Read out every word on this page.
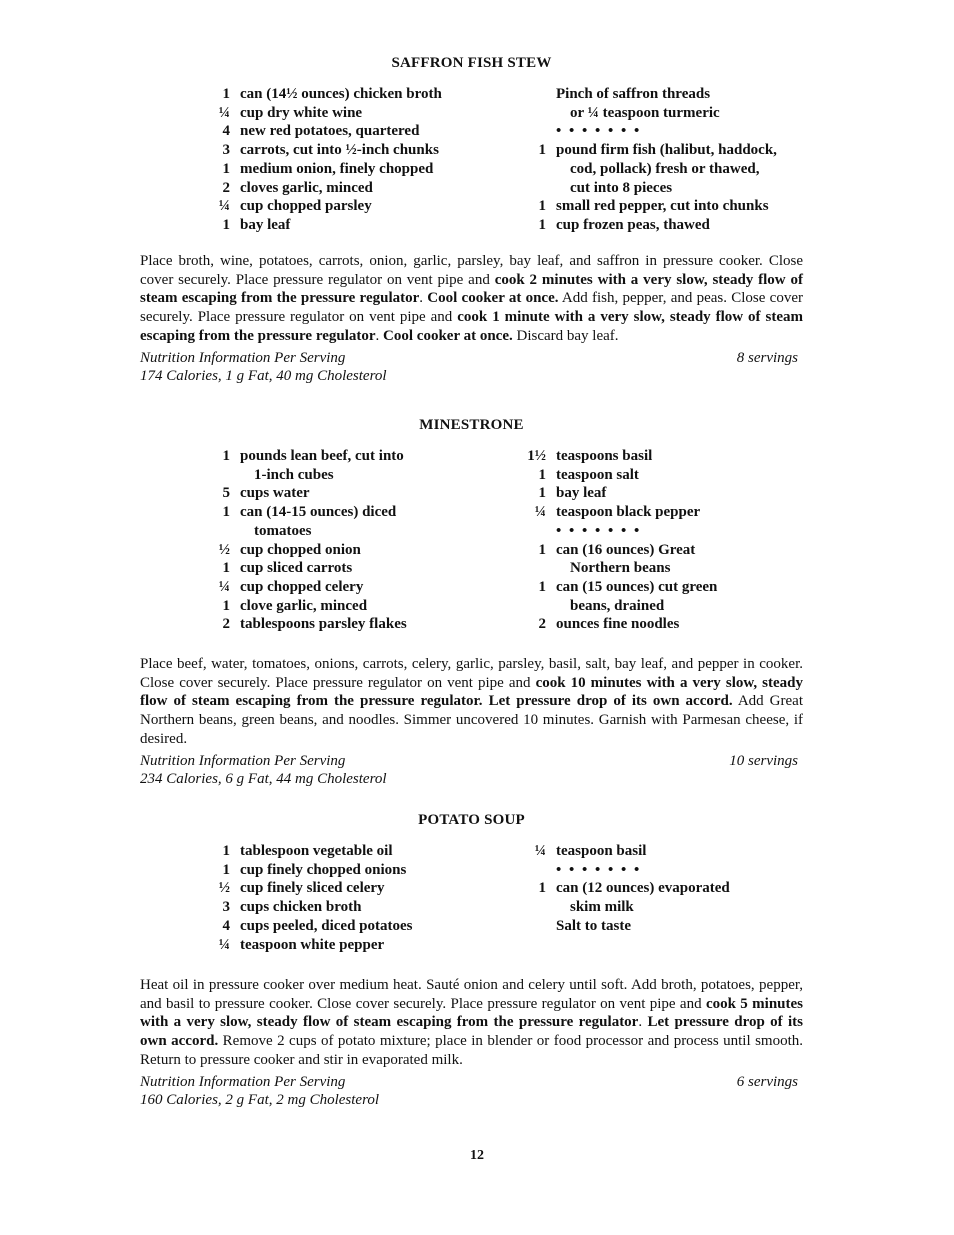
SAFFRON FISH STEW
1 can (14½ ounces) chicken broth
¼ cup dry white wine
4 new red potatoes, quartered
3 carrots, cut into ½-inch chunks
1 medium onion, finely chopped
2 cloves garlic, minced
¼ cup chopped parsley
1 bay leaf
Pinch of saffron threads
or ¼ teaspoon turmeric
• • • • • • •
1 pound firm fish (halibut, haddock,
cod, pollack) fresh or thawed,
cut into 8 pieces
1 small red pepper, cut into chunks
1 cup frozen peas, thawed

Place broth, wine, potatoes, carrots, onion, garlic, parsley, bay leaf, and saffron in pressure cooker. Close cover securely. Place pressure regulator on vent pipe and cook 2 minutes with a very slow, steady flow of steam escaping from the pressure regulator. Cool cooker at once. Add fish, pepper, and peas. Close cover securely. Place pressure regulator on vent pipe and cook 1 minute with a very slow, steady flow of steam escaping from the pressure regulator. Cool cooker at once. Discard bay leaf.

Nutrition Information Per Serving	8 servings
174 Calories, 1 g Fat, 40 mg Cholesterol
MINESTRONE
1 pounds lean beef, cut into
1-inch cubes
5 cups water
1 can (14-15 ounces) diced
tomatoes
½ cup chopped onion
1 cup sliced carrots
¼ cup chopped celery
1 clove garlic, minced
2 tablespoons parsley flakes
1½ teaspoons basil
1 teaspoon salt
1 bay leaf
¼ teaspoon black pepper
• • • • • • •
1 can (16 ounces) Great
Northern beans
1 can (15 ounces) cut green
beans, drained
2 ounces fine noodles

Place beef, water, tomatoes, onions, carrots, celery, garlic, parsley, basil, salt, bay leaf, and pepper in cooker. Close cover securely. Place pressure regulator on vent pipe and cook 10 minutes with a very slow, steady flow of steam escaping from the pressure regulator. Let pressure drop of its own accord. Add Great Northern beans, green beans, and noodles. Simmer uncovered 10 minutes. Garnish with Parmesan cheese, if desired.

Nutrition Information Per Serving	10 servings
234 Calories, 6 g Fat, 44 mg Cholesterol
POTATO SOUP
1 tablespoon vegetable oil
1 cup finely chopped onions
½ cup finely sliced celery
3 cups chicken broth
4 cups peeled, diced potatoes
¼ teaspoon white pepper
¼ teaspoon basil
• • • • • • •
1 can (12 ounces) evaporated
skim milk
Salt to taste

Heat oil in pressure cooker over medium heat. Sauté onion and celery until soft. Add broth, potatoes, pepper, and basil to pressure cooker. Close cover securely. Place pressure regulator on vent pipe and cook 5 minutes with a very slow, steady flow of steam escaping from the pressure regulator. Let pressure drop of its own accord. Remove 2 cups of potato mixture; place in blender or food processor and process until smooth. Return to pressure cooker and stir in evaporated milk.

Nutrition Information Per Serving	6 servings
160 Calories, 2 g Fat, 2 mg Cholesterol
12
